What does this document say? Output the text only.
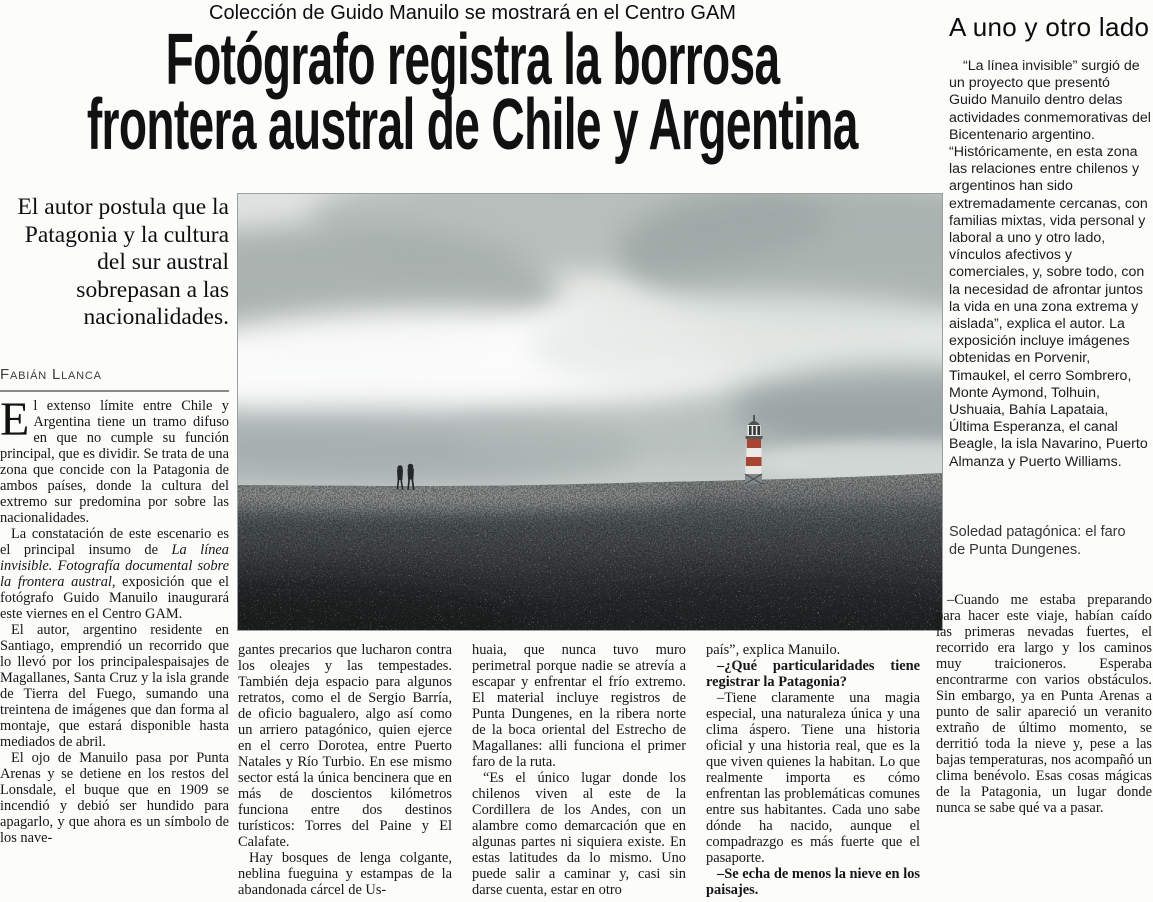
Colección de Guido Manuilo se mostrará en el Centro GAM
Fotógrafo registra la borrosa
frontera austral de Chile y Argentina
El autor postula que la Patagonia y la cultura del sur austral sobrepasan a las nacionalidades.
Fabián Llanca

El extenso límite entre Chile y Argentina tiene un tramo difuso en que no cumple su función principal, que es dividir. Se trata de una zona que concide con la Patagonia de ambos países, donde la cultura del extremo sur predomina por sobre las nacionalidades.

La constatación de este escenario es el principal insumo de La línea invisible. Fotografía documental sobre la frontera austral, exposición que el fotógrafo Guido Manuilo inaugurará este viernes en el Centro GAM.

El autor, argentino residente en Santiago, emprendió un recorrido que lo llevó por los principalespaisajes de Magallanes, Santa Cruz y la isla grande de Tierra del Fuego, sumando una treintena de imágenes que dan forma al montaje, que estará disponible hasta mediados de abril.

El ojo de Manuilo pasa por Punta Arenas y se detiene en los restos del Lonsdale, el buque que en 1909 se incendió y debió ser hundido para apagarlo, y que ahora es un símbolo de los nave-

A uno y otro lado

“La línea invisible” surgió de un proyecto que presentó Guido Manuilo dentro delas actividades conmemorativas del Bicentenario argentino. “Históricamente, en esta zona las relaciones entre chilenos y argentinos han sido extremadamente cercanas, con familias mixtas, vida personal y laboral a uno y otro lado, vínculos afectivos y comerciales, y, sobre todo, con la necesidad de afrontar juntos la vida en una zona extrema y aislada”, explica el autor. La exposición incluye imágenes obtenidas en Porvenir, Timaukel, el cerro Sombrero, Monte Aymond, Tolhuin, Ushuaia, Bahía Lapataia, Última Esperanza, el canal Beagle, la isla Navarino, Puerto Almanza y Puerto Williams.

Soledad patagónica: el faro de Punta Dungenes.

gantes precarios que lucharon contra los oleajes y las tempestades. También deja espacio para algunos retratos, como el de Sergio Barría, de oficio bagualero, algo así como un arriero patagónico, quien ejerce en el cerro Dorotea, entre Puerto Natales y Río Turbio. En ese mismo sector está la única bencinera que en más de doscientos kilómetros funciona entre dos destinos turísticos: Torres del Paine y El Calafate.

Hay bosques de lenga colgante, neblina fueguina y estampas de la abandonada cárcel de Us-

huaia, que nunca tuvo muro perimetral porque nadie se atrevía a escapar y enfrentar el frío extremo. El material incluye registros de Punta Dungenes, en la ribera norte de la boca oriental del Estrecho de Magallanes: alli funciona el primer faro de la ruta.

“Es el único lugar donde los chilenos viven al este de la Cordillera de los Andes, con un alambre como demarcación que en algunas partes ni siquiera existe. En estas latitudes da lo mismo. Uno puede salir a caminar y, casi sin darse cuenta, estar en otro

país”, explica Manuilo.

–¿Qué particularidades tiene registrar la Patagonia?

–Tiene claramente una magia especial, una naturaleza única y una clima áspero. Tiene una historia oficial y una historia real, que es la que viven quienes la habitan. Lo que realmente importa es cómo enfrentan las problemáticas comunes entre sus habitantes. Cada uno sabe dónde ha nacido, aunque el compadrazgo es más fuerte que el pasaporte.

–Se echa de menos la nieve en los paisajes.

–Cuando me estaba preparando para hacer este viaje, habían caído las primeras nevadas fuertes, el recorrido era largo y los caminos muy traicioneros. Esperaba encontrarme con varios obstáculos. Sin embargo, ya en Punta Arenas a punto de salir apareció un veranito extraño de último momento, se derritió toda la nieve y, pese a las bajas temperaturas, nos acompañó un clima benévolo. Esas cosas mágicas de la Patagonia, un lugar donde nunca se sabe qué va a pasar.
